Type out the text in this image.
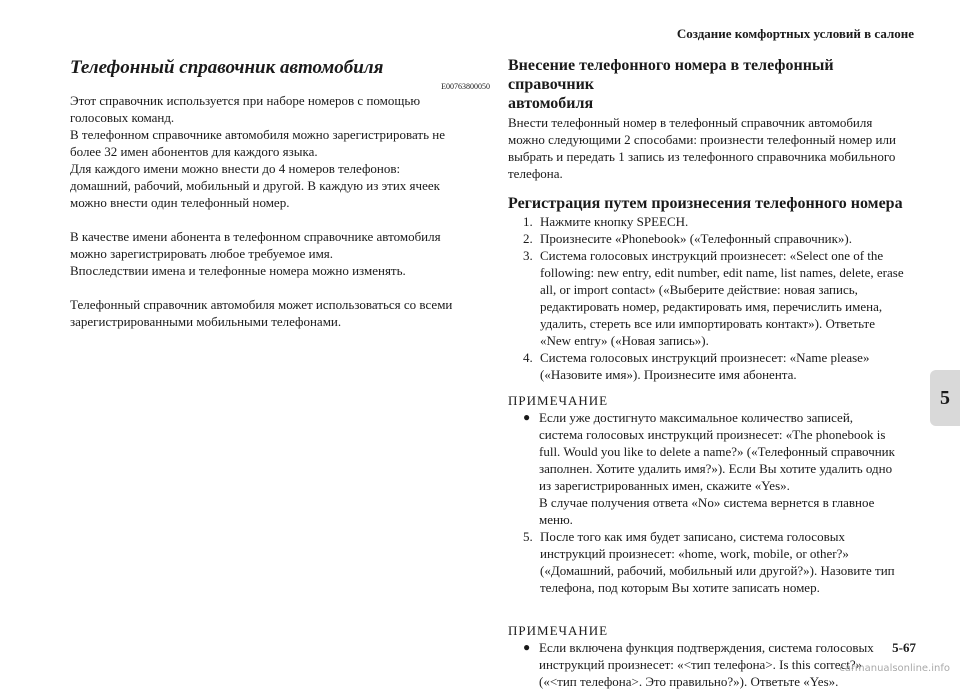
Создание комфортных условий в салоне
5
Телефонный справочник автомобиля
E00763800050

Этот справочник используется при наборе номеров с помощью
голосовых команд.
В телефонном справочнике автомобиля можно зарегистрировать не
более 32 имен абонентов для каждого языка.
Для каждого имени можно внести до 4 номеров телефонов:
домашний, рабочий, мобильный и другой. В каждую из этих ячеек
можно внести один телефонный номер.

В качестве имени абонента в телефонном справочнике автомобиля
можно зарегистрировать любое требуемое имя.
Впоследствии имена и телефонные номера можно изменять.

Телефонный справочник автомобиля может использоваться со всеми
зарегистрированными мобильными телефонами.

Внесение телефонного номера в телефонный справочник
автомобиля

Внести телефонный номер в телефонный справочник автомобиля
можно следующими 2 способами: произнести телефонный номер или
выбрать и передать 1 запись из телефонного справочника мобильного
телефона.

Регистрация путем произнесения телефонного номера
1. Нажмите кнопку SPEECH.
2. Произнесите «Phonebook» («Телефонный справочник»).
3. Система голосовых инструкций произнесет: «Select one of the
following: new entry, edit number, edit name, list names, delete, erase
all, or import contact» («Выберите действие: новая запись,
редактировать номер, редактировать имя, перечислить имена,
удалить, стереть все или импортировать контакт»). Ответьте
«New entry» («Новая запись»).
4. Система голосовых инструкций произнесет: «Name please»
(«Назовите имя»). Произнесите имя абонента.
ПРИМЕЧАНИЕ
● Если уже достигнуто максимальное количество записей,
система голосовых инструкций произнесет: «The phonebook is
full. Would you like to delete a name?» («Телефонный справочник
заполнен. Хотите удалить имя?»). Если Вы хотите удалить одно
из зарегистрированных имен, скажите «Yes».
В случае получения ответа «No» система вернется в главное
меню.
5. После того как имя будет записано, система голосовых
инструкций произнесет: «home, work, mobile, or other?»
(«Домашний, рабочий, мобильный или другой?»). Назовите тип
телефона, под которым Вы хотите записать номер.
ПРИМЕЧАНИЕ
● Если включена функция подтверждения, система голосовых
инструкций произнесет: «<тип телефона>. Is this correct?»
(«<тип телефона>. Это правильно?»). Ответьте «Yes».
5-67
carmanualsonline.info
